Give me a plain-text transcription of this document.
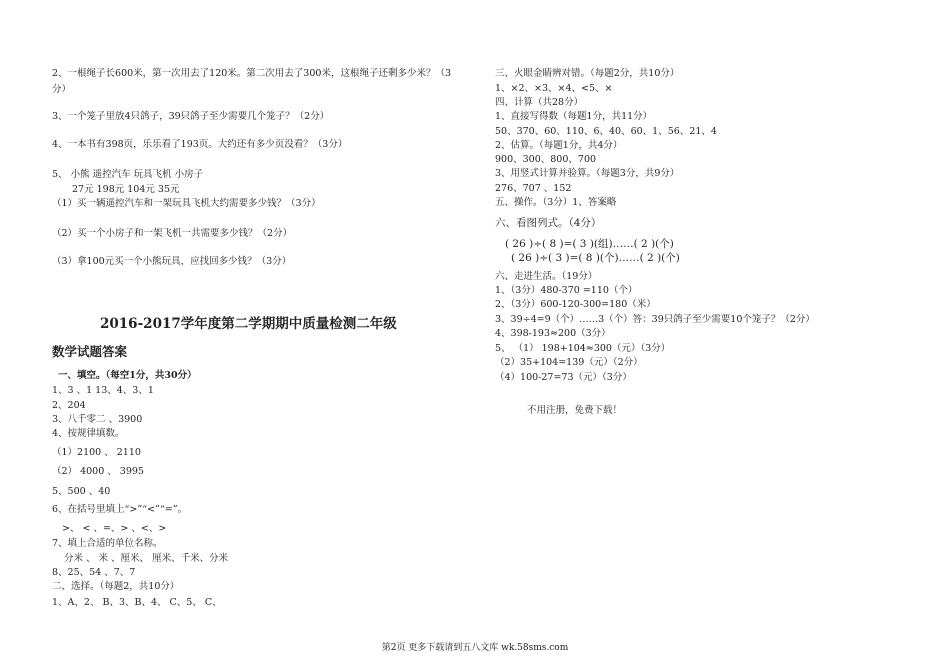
2、一根绳子长600米，第一次用去了120米。第二次用去了300米，这根绳子还剩多少米？（3
分）
3、一个笼子里放4只鸽子，39只鸽子至少需要几个笼子？（2分）
4、一本书有398页，乐乐看了193页。大约还有多少页没看？（3分）
5、 小熊 遥控汽车 玩具飞机 小房子
27元 198元 104元 35元
（1）买一辆遥控汽车和一架玩具飞机大约需要多少钱？（3分）
（2）买一个小房子和一架飞机一共需要多少钱？（2分）
（3）拿100元买一个小熊玩具，应找回多少钱？（3分）
2016-2017学年度第二学期期中质量检测二年级
数学试题答案
一、填空。（每空1分，共30分）
1、3 、1 13、4、3、1
2、204
3、八千零二 、3900
4、按规律填数。
（1）2100 、 2110
（2） 4000 、 3995
5、500 、40
6、在括号里填上“>”“<”“=”。
>、 < 、=、> 、<、>
7、填上合适的单位名称。
分米 、 米 、厘米、 厘米、千米、分米
8、25、54 、7、7
二、选择。（每题2，共10分）
1、A、2、 B、3、B、4、 C、5、 C、
三、火眼金睛辨对错。（每题2分，共10分）
1、×2、×3、×4、<5、×
四、计算（共28分）
1、直接写得数（每题1分，共11分）
50、370、60、110、6、40、60、1、56、21、4
2、估算。（每题1分，共4分）
900、300、800、700
3、用竖式计算并验算。（每题3分，共9分）
276、707 、152
五、操作。（3分）1、答案略
六、看图列式。（4分）
( 26 )÷( 8 )=( 3 )(组)……( 2 )(个)
( 26 )÷( 3 )=( 8 )(个)……( 2 )(个)
六、走进生活。（19分）
1、（3分）480-370 =110（个）
2、（3分）600-120-300=180（米）
3、39÷4=9（个）……3（个）答：39只鸽子至少需要10个笼子？（2分）
4、398-193≈200（3分）
5、 （1） 198+104≈300（元）（3分）
（2）35+104=139（元）（2分）
（4）100-27=73（元）（3分）
不用注册，免费下载！
第2页 更多下载请到五八文库 wk.58sms.com
